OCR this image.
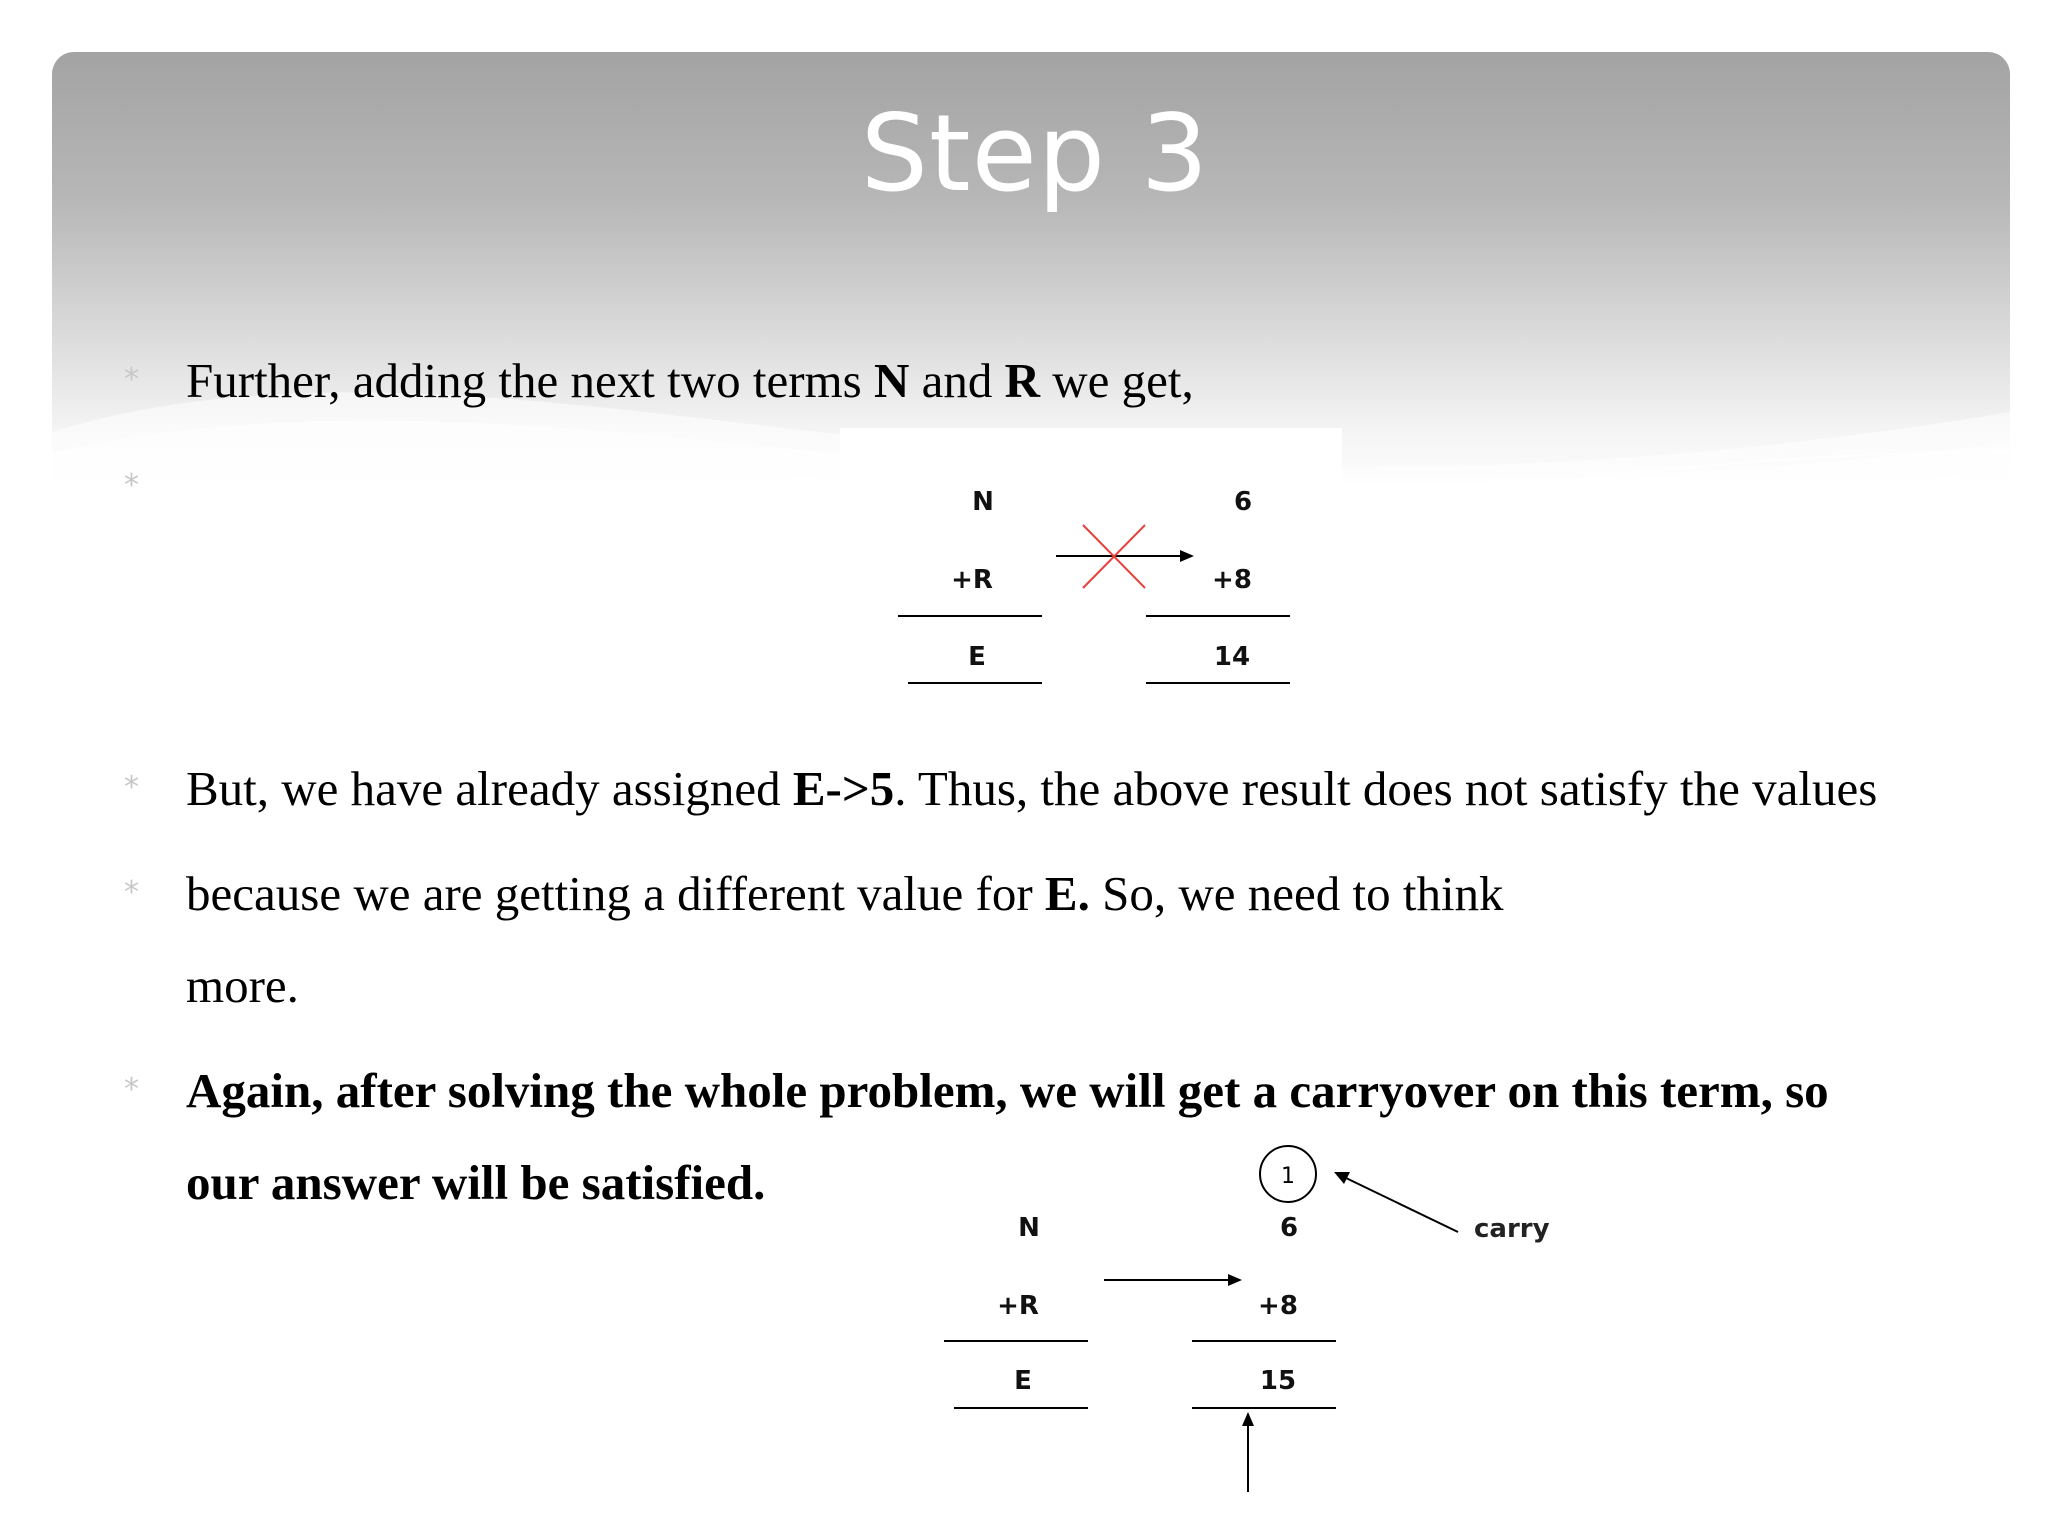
Step 3
* Further, adding the next two terms N and R we get,
*	N
+R
E
6
+8
14
* But, we have already assigned E->5. Thus, the above result does not satisfy the values
* because we are getting a different value for E. So, we need to think
more.
* Again, after solving the whole problem, we will get a carryover on this term, so
our answer will be satisfied.	1
carry
N
+R
E
6
+8
15
